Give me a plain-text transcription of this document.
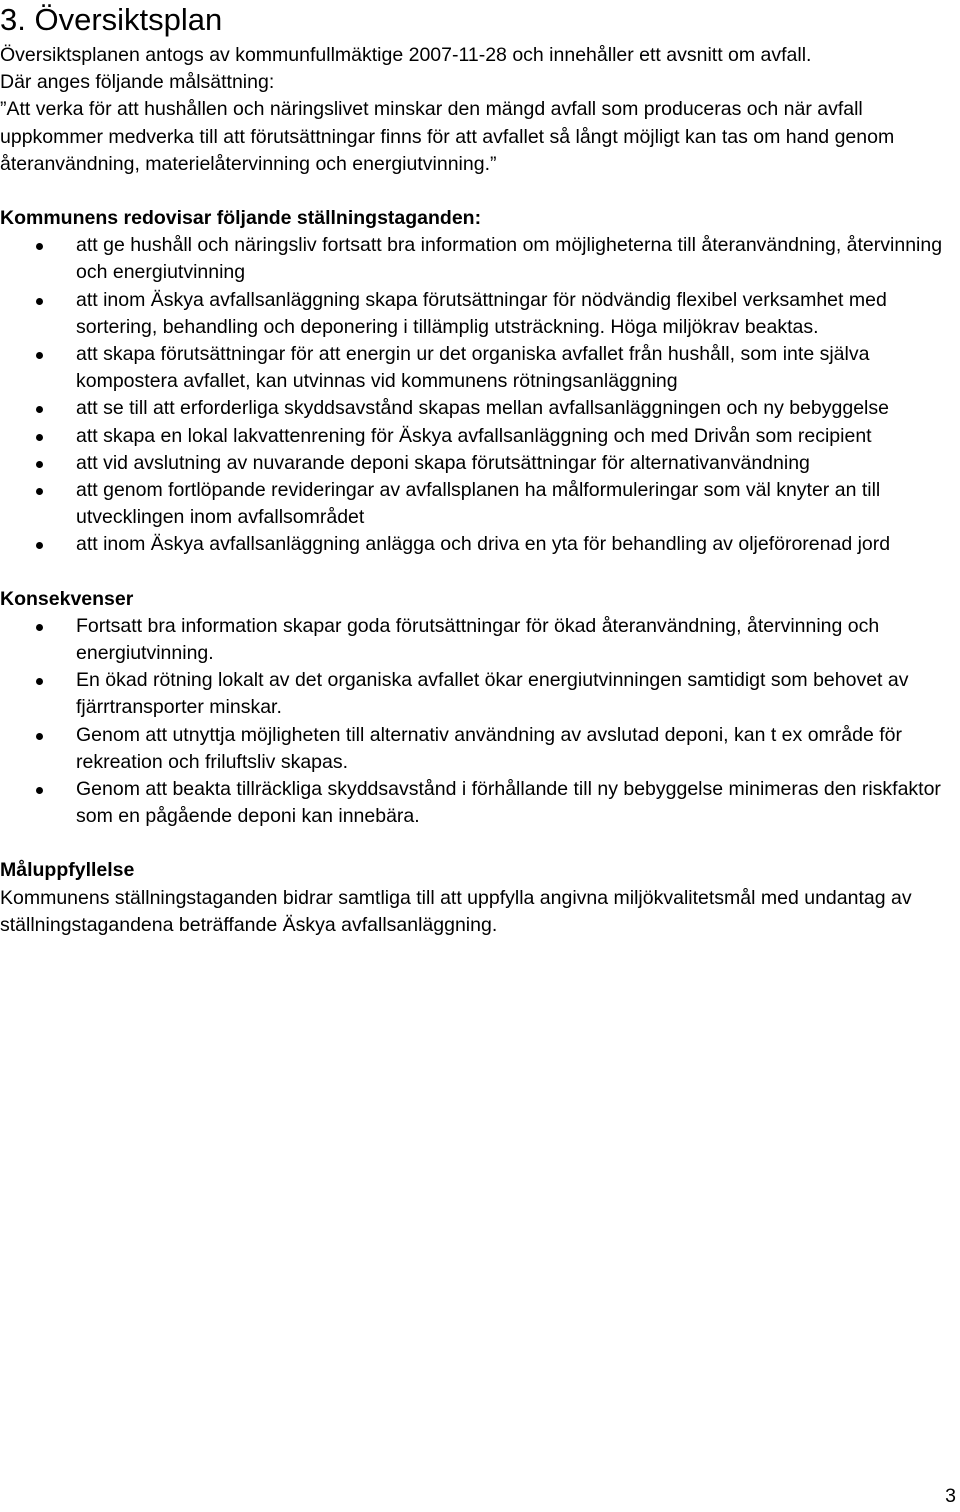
3. Översiktsplan

Översiktsplanen antogs av kommunfullmäktige 2007-11-28 och innehåller ett avsnitt om avfall.

Där anges följande målsättning:

”Att verka för att hushållen och näringslivet minskar den mängd avfall som produceras och när avfall uppkommer medverka till att förutsättningar finns för att avfallet så långt möjligt kan tas om hand genom återanvändning, materielåtervinning och energiutvinning.”

Kommunens redovisar följande ställningstaganden:

att ge hushåll och näringsliv fortsatt bra information om möjligheterna till återanvändning, återvinning och energiutvinning
att inom Äskya avfallsanläggning skapa förutsättningar för nödvändig flexibel verksamhet med sortering, behandling och deponering i tillämplig utsträckning. Höga miljökrav beaktas.
att skapa förutsättningar för att energin ur det organiska avfallet från hushåll, som inte själva kompostera avfallet, kan utvinnas vid kommunens rötningsanläggning
att se till att erforderliga skyddsavstånd skapas mellan avfallsanläggningen och ny bebyggelse
att skapa en lokal lakvattenrening för Äskya avfallsanläggning och med Drivån som recipient
att vid avslutning av nuvarande deponi skapa förutsättningar för alternativanvändning
att genom fortlöpande revideringar av avfallsplanen ha målformuleringar som väl knyter an till utvecklingen inom avfallsområdet
att inom Äskya avfallsanläggning anlägga och driva en yta för behandling av oljeförorenad jord

Konsekvenser

Fortsatt bra information skapar goda förutsättningar för ökad återanvändning, återvinning och energiutvinning.
En ökad rötning lokalt av det organiska avfallet ökar energiutvinningen samtidigt som behovet av fjärrtransporter minskar.
Genom att utnyttja möjligheten till alternativ användning av avslutad deponi, kan t ex område för rekreation och friluftsliv skapas.
Genom att beakta tillräckliga skyddsavstånd i förhållande till ny bebyggelse minimeras den riskfaktor som en pågående deponi kan innebära.

Måluppfyllelse

Kommunens ställningstaganden bidrar samtliga till att uppfylla angivna miljökvalitetsmål med undantag av ställningstagandena beträffande Äskya avfallsanläggning.

3
